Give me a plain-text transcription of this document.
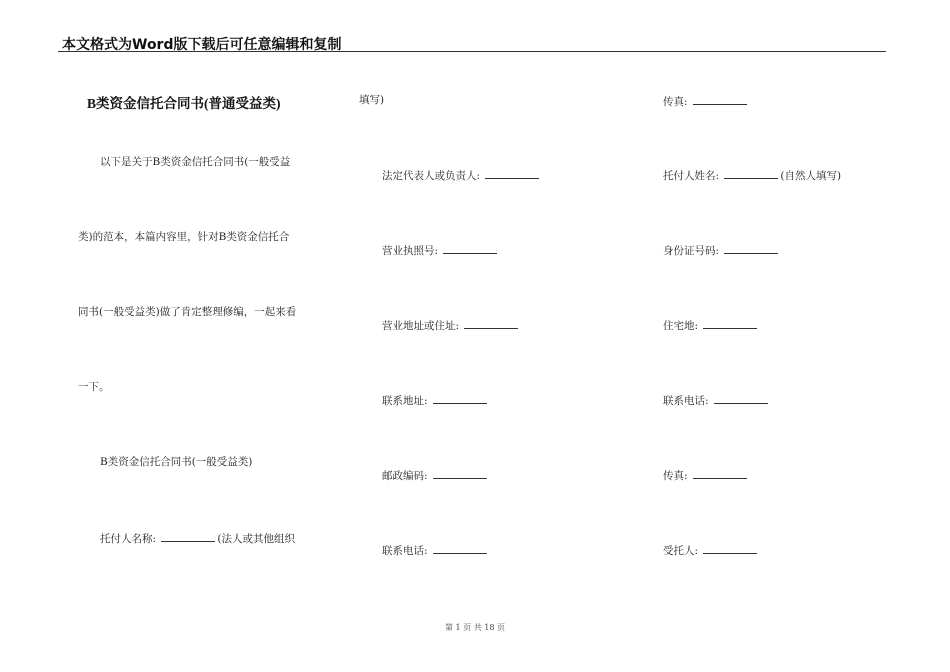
本文格式为Word版下载后可任意编辑和复制
B类资金信托合同书(普通受益类)
以下是关于B类资金信托合同书(一般受益
类)的范本，本篇内容里，针对B类资金信托合
同书(一般受益类)做了肯定整理修编，一起来看
一下。
B类资金信托合同书(一般受益类)
托付人名称:	(法人或其他组织
填写)
法定代表人或负责人:
营业执照号:
营业地址或住址:
联系地址:
邮政编码:
联系电话:
传真:
托付人姓名:	(自然人填写)
身份证号码:
住宅地:
联系电话:
传真:
受托人:
第 1 页 共 18 页
